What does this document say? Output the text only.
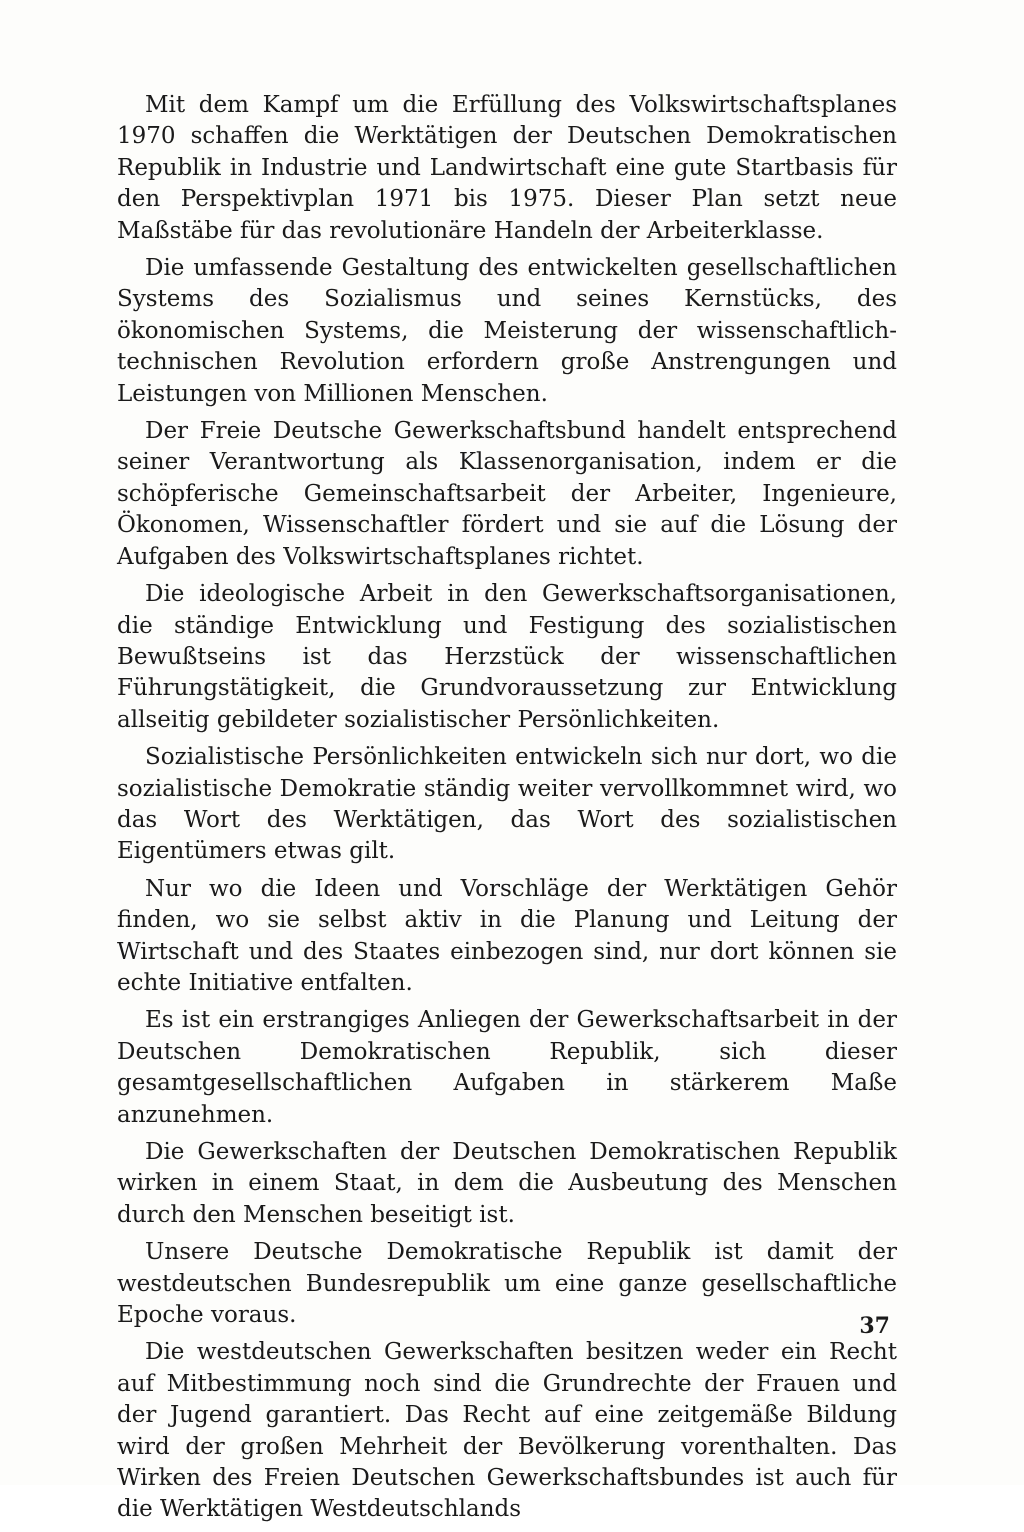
Mit dem Kampf um die Erfüllung des Volkswirtschaftsplanes 1970 schaffen die Werktätigen der Deutschen Demokratischen Republik in Industrie und Landwirtschaft eine gute Startbasis für den Perspektivplan 1971 bis 1975. Dieser Plan setzt neue Maßstäbe für das revolutionäre Handeln der Arbeiterklasse.

Die umfassende Gestaltung des entwickelten gesellschaftlichen Systems des Sozialismus und seines Kernstücks, des ökonomischen Systems, die Meisterung der wissenschaftlich-technischen Revolution erfordern große Anstrengungen und Leistungen von Millionen Menschen.

Der Freie Deutsche Gewerkschaftsbund handelt entsprechend seiner Verantwortung als Klassenorganisation, indem er die schöpferische Gemeinschaftsarbeit der Arbeiter, Ingenieure, Ökonomen, Wissenschaftler fördert und sie auf die Lösung der Aufgaben des Volkswirtschaftsplanes richtet.

Die ideologische Arbeit in den Gewerkschaftsorganisationen, die ständige Entwicklung und Festigung des sozialistischen Bewußtseins ist das Herzstück der wissenschaftlichen Führungstätigkeit, die Grundvoraussetzung zur Entwicklung allseitig gebildeter sozialistischer Persönlichkeiten.

Sozialistische Persönlichkeiten entwickeln sich nur dort, wo die sozialistische Demokratie ständig weiter vervollkommnet wird, wo das Wort des Werktätigen, das Wort des sozialistischen Eigentümers etwas gilt.

Nur wo die Ideen und Vorschläge der Werktätigen Gehör finden, wo sie selbst aktiv in die Planung und Leitung der Wirtschaft und des Staates einbezogen sind, nur dort können sie echte Initiative entfalten.

Es ist ein erstrangiges Anliegen der Gewerkschaftsarbeit in der Deutschen Demokratischen Republik, sich dieser gesamtgesellschaftlichen Aufgaben in stärkerem Maße anzunehmen.

Die Gewerkschaften der Deutschen Demokratischen Republik wirken in einem Staat, in dem die Ausbeutung des Menschen durch den Menschen beseitigt ist.

Unsere Deutsche Demokratische Republik ist damit der westdeutschen Bundesrepublik um eine ganze gesellschaftliche Epoche voraus.

Die westdeutschen Gewerkschaften besitzen weder ein Recht auf Mitbestimmung noch sind die Grundrechte der Frauen und der Jugend garantiert. Das Recht auf eine zeitgemäße Bildung wird der großen Mehrheit der Bevölkerung vorenthalten. Das Wirken des Freien Deutschen Gewerkschaftsbundes ist auch für die Werktätigen Westdeutschlands

37
